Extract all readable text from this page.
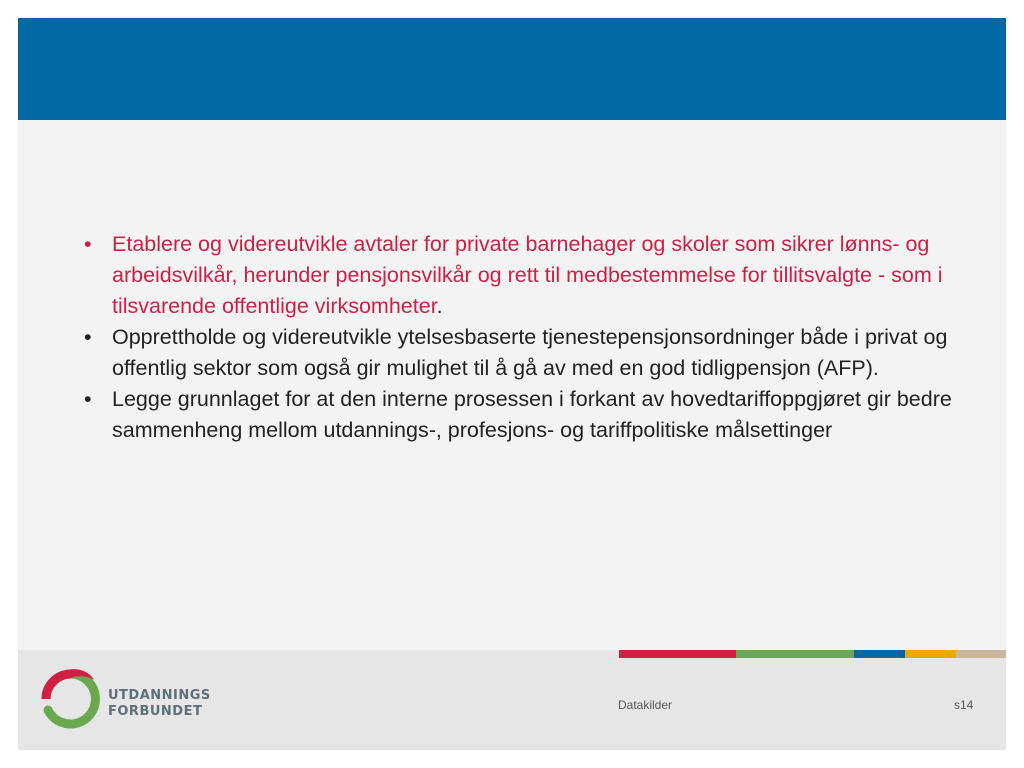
• Etablere og videreutvikle avtaler for private barnehager og skoler som sikrer lønns- og arbeidsvilkår, herunder pensjonsvilkår og rett til medbestemmelse for tillitsvalgte - som i tilsvarende offentlige virksomheter.
• Opprettholde og videreutvikle ytelsesbaserte tjenestepensjonsordninger både i privat og offentlig sektor som også gir mulighet til å gå av med en god tidligpensjon (AFP).
• Legge grunnlaget for at den interne prosessen i forkant av hovedtariffoppgjøret gir bedre sammenheng mellom utdannings-, profesjons- og tariffpolitiske målsettinger
UTDANNINGS
FORBUNDET	Datakilder	s14
